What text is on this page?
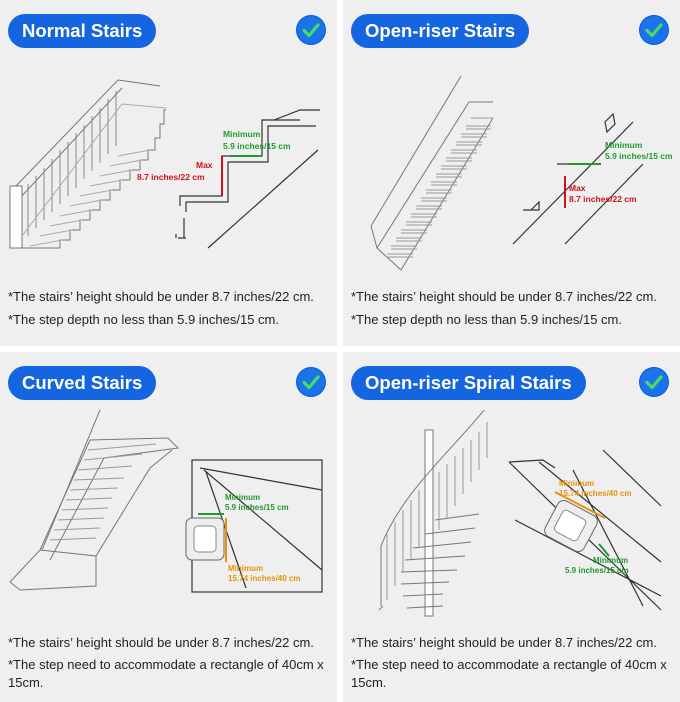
Normal Stairs
Minimum
5.9 inches/15 cm
Max
8.7 inches/22 cm
*The stairs’ height should be under 8.7 inches/22 cm.
*The step depth no less than 5.9 inches/15 cm.
Open-riser Stairs
Minimum
5.9 inches/15 cm
Max
8.7 inches/22 cm
*The stairs’ height should be under 8.7 inches/22 cm.
*The step depth no less than 5.9 inches/15 cm.
Curved Stairs
Minimum
5.9 inches/15 cm
Minimum
15.74 inches/40 cm
*The stairs’ height should be under 8.7 inches/22 cm.
*The step need to accommodate a rectangle of 40cm x 15cm.
Open-riser Spiral Stairs
Minimum
15.74 inches/40 cm
Minimum
5.9 inches/15 cm
*The stairs’ height should be under 8.7 inches/22 cm.
*The step need to accommodate a rectangle of 40cm x 15cm.
